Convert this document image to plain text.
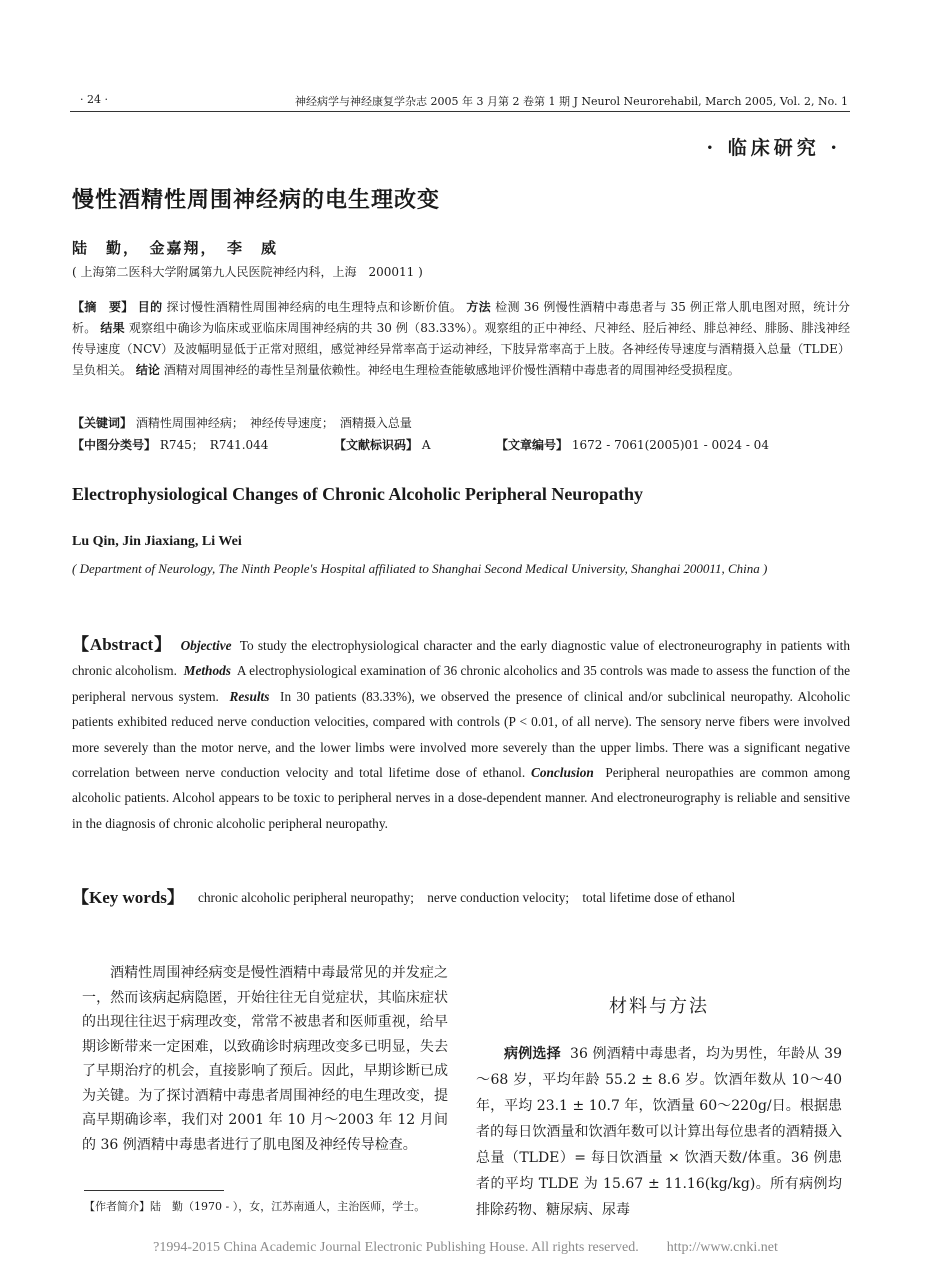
· 24 ·	神经病学与神经康复学杂志 2005 年 3 月第 2 卷第 1 期 J Neurol Neurorehabil, March 2005, Vol. 2, No. 1
· 临床研究 ·
慢性酒精性周围神经病的电生理改变
陆　勤，　金嘉翔，　李　威
( 上海第二医科大学附属第九人民医院神经内科，上海　200011 )
【摘　要】 目的 探讨慢性酒精性周围神经病的电生理特点和诊断价值。 方法 检测 36 例慢性酒精中毒患者与 35 例正常人肌电图对照，统计分析。 结果 观察组中确诊为临床或亚临床周围神经病的共 30 例（83.33%）。观察组的正中神经、尺神经、胫后神经、腓总神经、腓肠、腓浅神经传导速度（NCV）及波幅明显低于正常对照组，感觉神经异常率高于运动神经，下肢异常率高于上肢。各神经传导速度与酒精摄入总量（TLDE）呈负相关。 结论 酒精对周围神经的毒性呈剂量依赖性。神经电生理检查能敏感地评价慢性酒精中毒患者的周围神经受损程度。
【关键词】 酒精性周围神经病；　神经传导速度；　酒精摄入总量
【中图分类号】 R745；　R741.044	【文献标识码】 A	【文章编号】 1672 - 7061(2005)01 - 0024 - 04
Electrophysiological Changes of Chronic Alcoholic Peripheral Neuropathy
Lu Qin, Jin Jiaxiang, Li Wei
( Department of Neurology, The Ninth People's Hospital affiliated to Shanghai Second Medical University, Shanghai 200011, China )
【Abstract】 Objective To study the electrophysiological character and the early diagnostic value of electroneurography in patients with chronic alcoholism. Methods A electrophysiological examination of 36 chronic alcoholics and 35 controls was made to assess the function of the peripheral nervous system. Results In 30 patients (83.33%), we observed the presence of clinical and/or subclinical neuropathy. Alcoholic patients exhibited reduced nerve conduction velocities, compared with controls (P < 0.01, of all nerve). The sensory nerve fibers were involved more severely than the motor nerve, and the lower limbs were involved more severely than the upper limbs. There was a significant negative correlation between nerve conduction velocity and total lifetime dose of ethanol. Conclusion Peripheral neuropathies are common among alcoholic patients. Alcohol appears to be toxic to peripheral nerves in a dose-dependent manner. And electroneurography is reliable and sensitive in the diagnosis of chronic alcoholic peripheral neuropathy.
【Key words】 chronic alcoholic peripheral neuropathy;　nerve conduction velocity;　total lifetime dose of ethanol

酒精性周围神经病变是慢性酒精中毒最常见的并发症之一，然而该病起病隐匿，开始往往无自觉症状，其临床症状的出现往往迟于病理改变，常常不被患者和医师重视，给早期诊断带来一定困难，以致确诊时病理改变多已明显，失去了早期治疗的机会，直接影响了预后。因此，早期诊断已成为关键。为了探讨酒精中毒患者周围神经的电生理改变，提高早期确诊率，我们对 2001 年 10 月～2003 年 12 月间的 36 例酒精中毒患者进行了肌电图及神经传导检查。

【作者简介】陆　勤（1970 - ），女，江苏南通人，主治医师，学士。
材料与方法

病例选择 36 例酒精中毒患者，均为男性，年龄从 39～68 岁，平均年龄 55.2 ± 8.6 岁。饮酒年数从 10～40 年，平均 23.1 ± 10.7 年，饮酒量 60～220g/日。根据患者的每日饮酒量和饮酒年数可以计算出每位患者的酒精摄入总量（TLDE）= 每日饮酒量 × 饮酒天数/体重。36 例患者的平均 TLDE 为 15.67 ± 11.16(kg/kg)。所有病例均排除药物、糖尿病、尿毒

?1994-2015 China Academic Journal Electronic Publishing House. All rights reserved.　　http://www.cnki.net
